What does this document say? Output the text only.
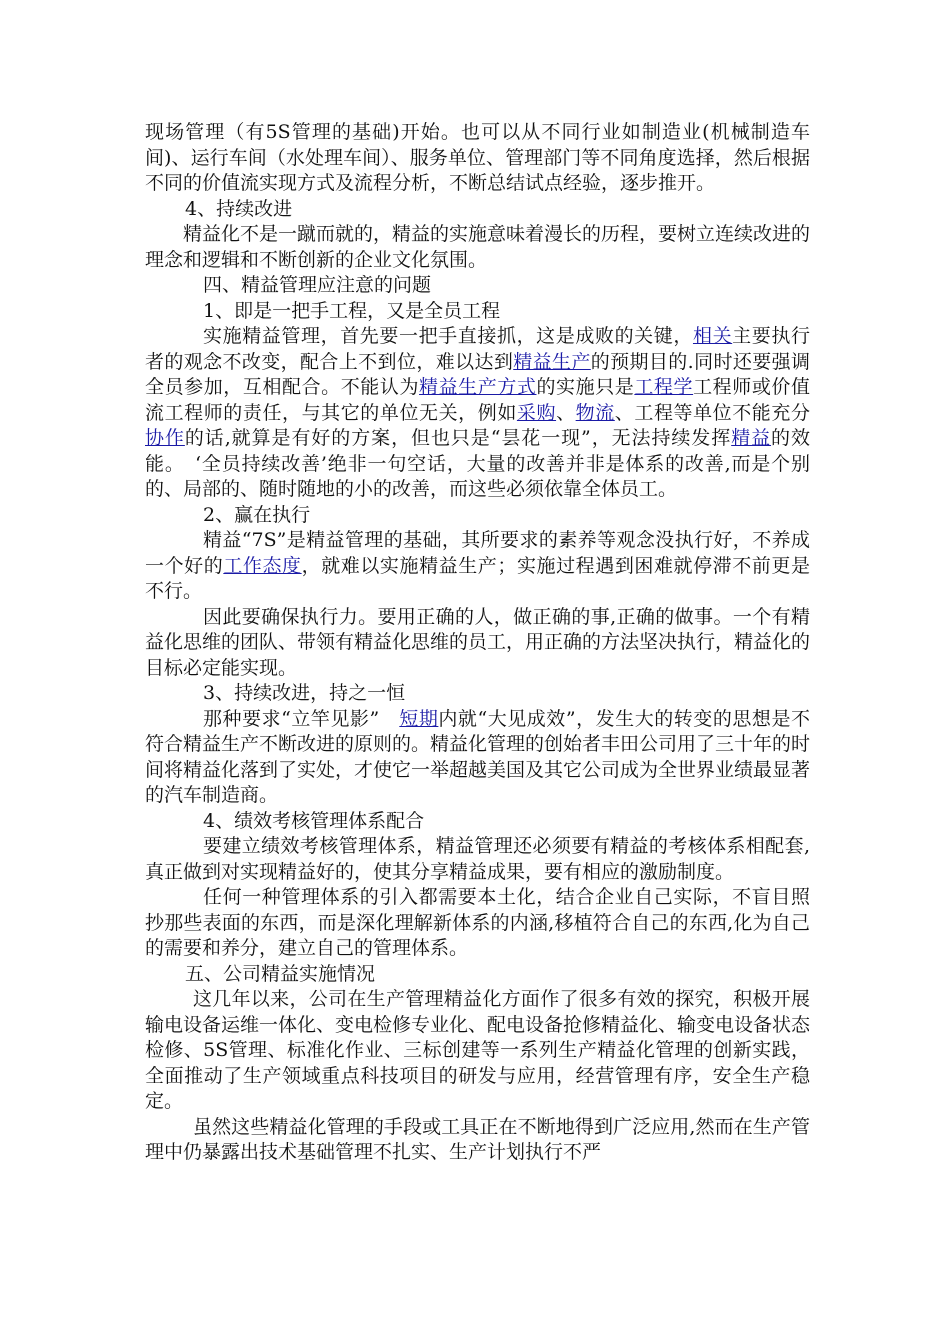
现场管理（有5S管理的基础)开始。也可以从不同行业如制造业(机械制造车间)、运行车间（水处理车间）、服务单位、管理部门等不同角度选择，然后根据不同的价值流实现方式及流程分析，不断总结试点经验，逐步推开。

4、持续改进

精益化不是一蹴而就的，精益的实施意味着漫长的历程，要树立连续改进的理念和逻辑和不断创新的企业文化氛围。

四、精益管理应注意的问题

1、即是一把手工程，又是全员工程

实施精益管理，首先要一把手直接抓，这是成败的关键，相关主要执行者的观念不改变，配合上不到位，难以达到精益生产的预期目的.同时还要强调全员参加，互相配合。不能认为精益生产方式的实施只是工程学工程师或价值流工程师的责任，与其它的单位无关，例如采购、物流、工程等单位不能充分协作的话,就算是有好的方案，但也只是“昙花一现”，无法持续发挥精益的效能。　‘全员持续改善’绝非一句空话，大量的改善并非是体系的改善,而是个别的、局部的、随时随地的小的改善，而这些必须依靠全体员工。

2、赢在执行

精益“7S”是精益管理的基础，其所要求的素养等观念没执行好，不养成一个好的工作态度，就难以实施精益生产；实施过程遇到困难就停滞不前更是不行。

因此要确保执行力。要用正确的人，做正确的事,正确的做事。一个有精益化思维的团队、带领有精益化思维的员工，用正确的方法坚决执行，精益化的目标必定能实现。

3、持续改进，持之一恒

那种要求“立竿见影”　短期内就“大见成效”，发生大的转变的思想是不符合精益生产不断改进的原则的。精益化管理的创始者丰田公司用了三十年的时间将精益化落到了实处，才使它一举超越美国及其它公司成为全世界业绩最显著的汽车制造商。

4、绩效考核管理体系配合

要建立绩效考核管理体系，精益管理还必须要有精益的考核体系相配套,真正做到对实现精益好的，使其分享精益成果，要有相应的激励制度。

任何一种管理体系的引入都需要本土化，结合企业自己实际，不盲目照抄那些表面的东西，而是深化理解新体系的内涵,移植符合自己的东西,化为自己的需要和养分，建立自己的管理体系。

五、公司精益实施情况

这几年以来，公司在生产管理精益化方面作了很多有效的探究，积极开展输电设备运维一体化、变电检修专业化、配电设备抢修精益化、输变电设备状态检修、5S管理、标准化作业、三标创建等一系列生产精益化管理的创新实践，全面推动了生产领域重点科技项目的研发与应用，经营管理有序，安全生产稳定。

虽然这些精益化管理的手段或工具正在不断地得到广泛应用,然而在生产管理中仍暴露出技术基础管理不扎实、生产计划执行不严
